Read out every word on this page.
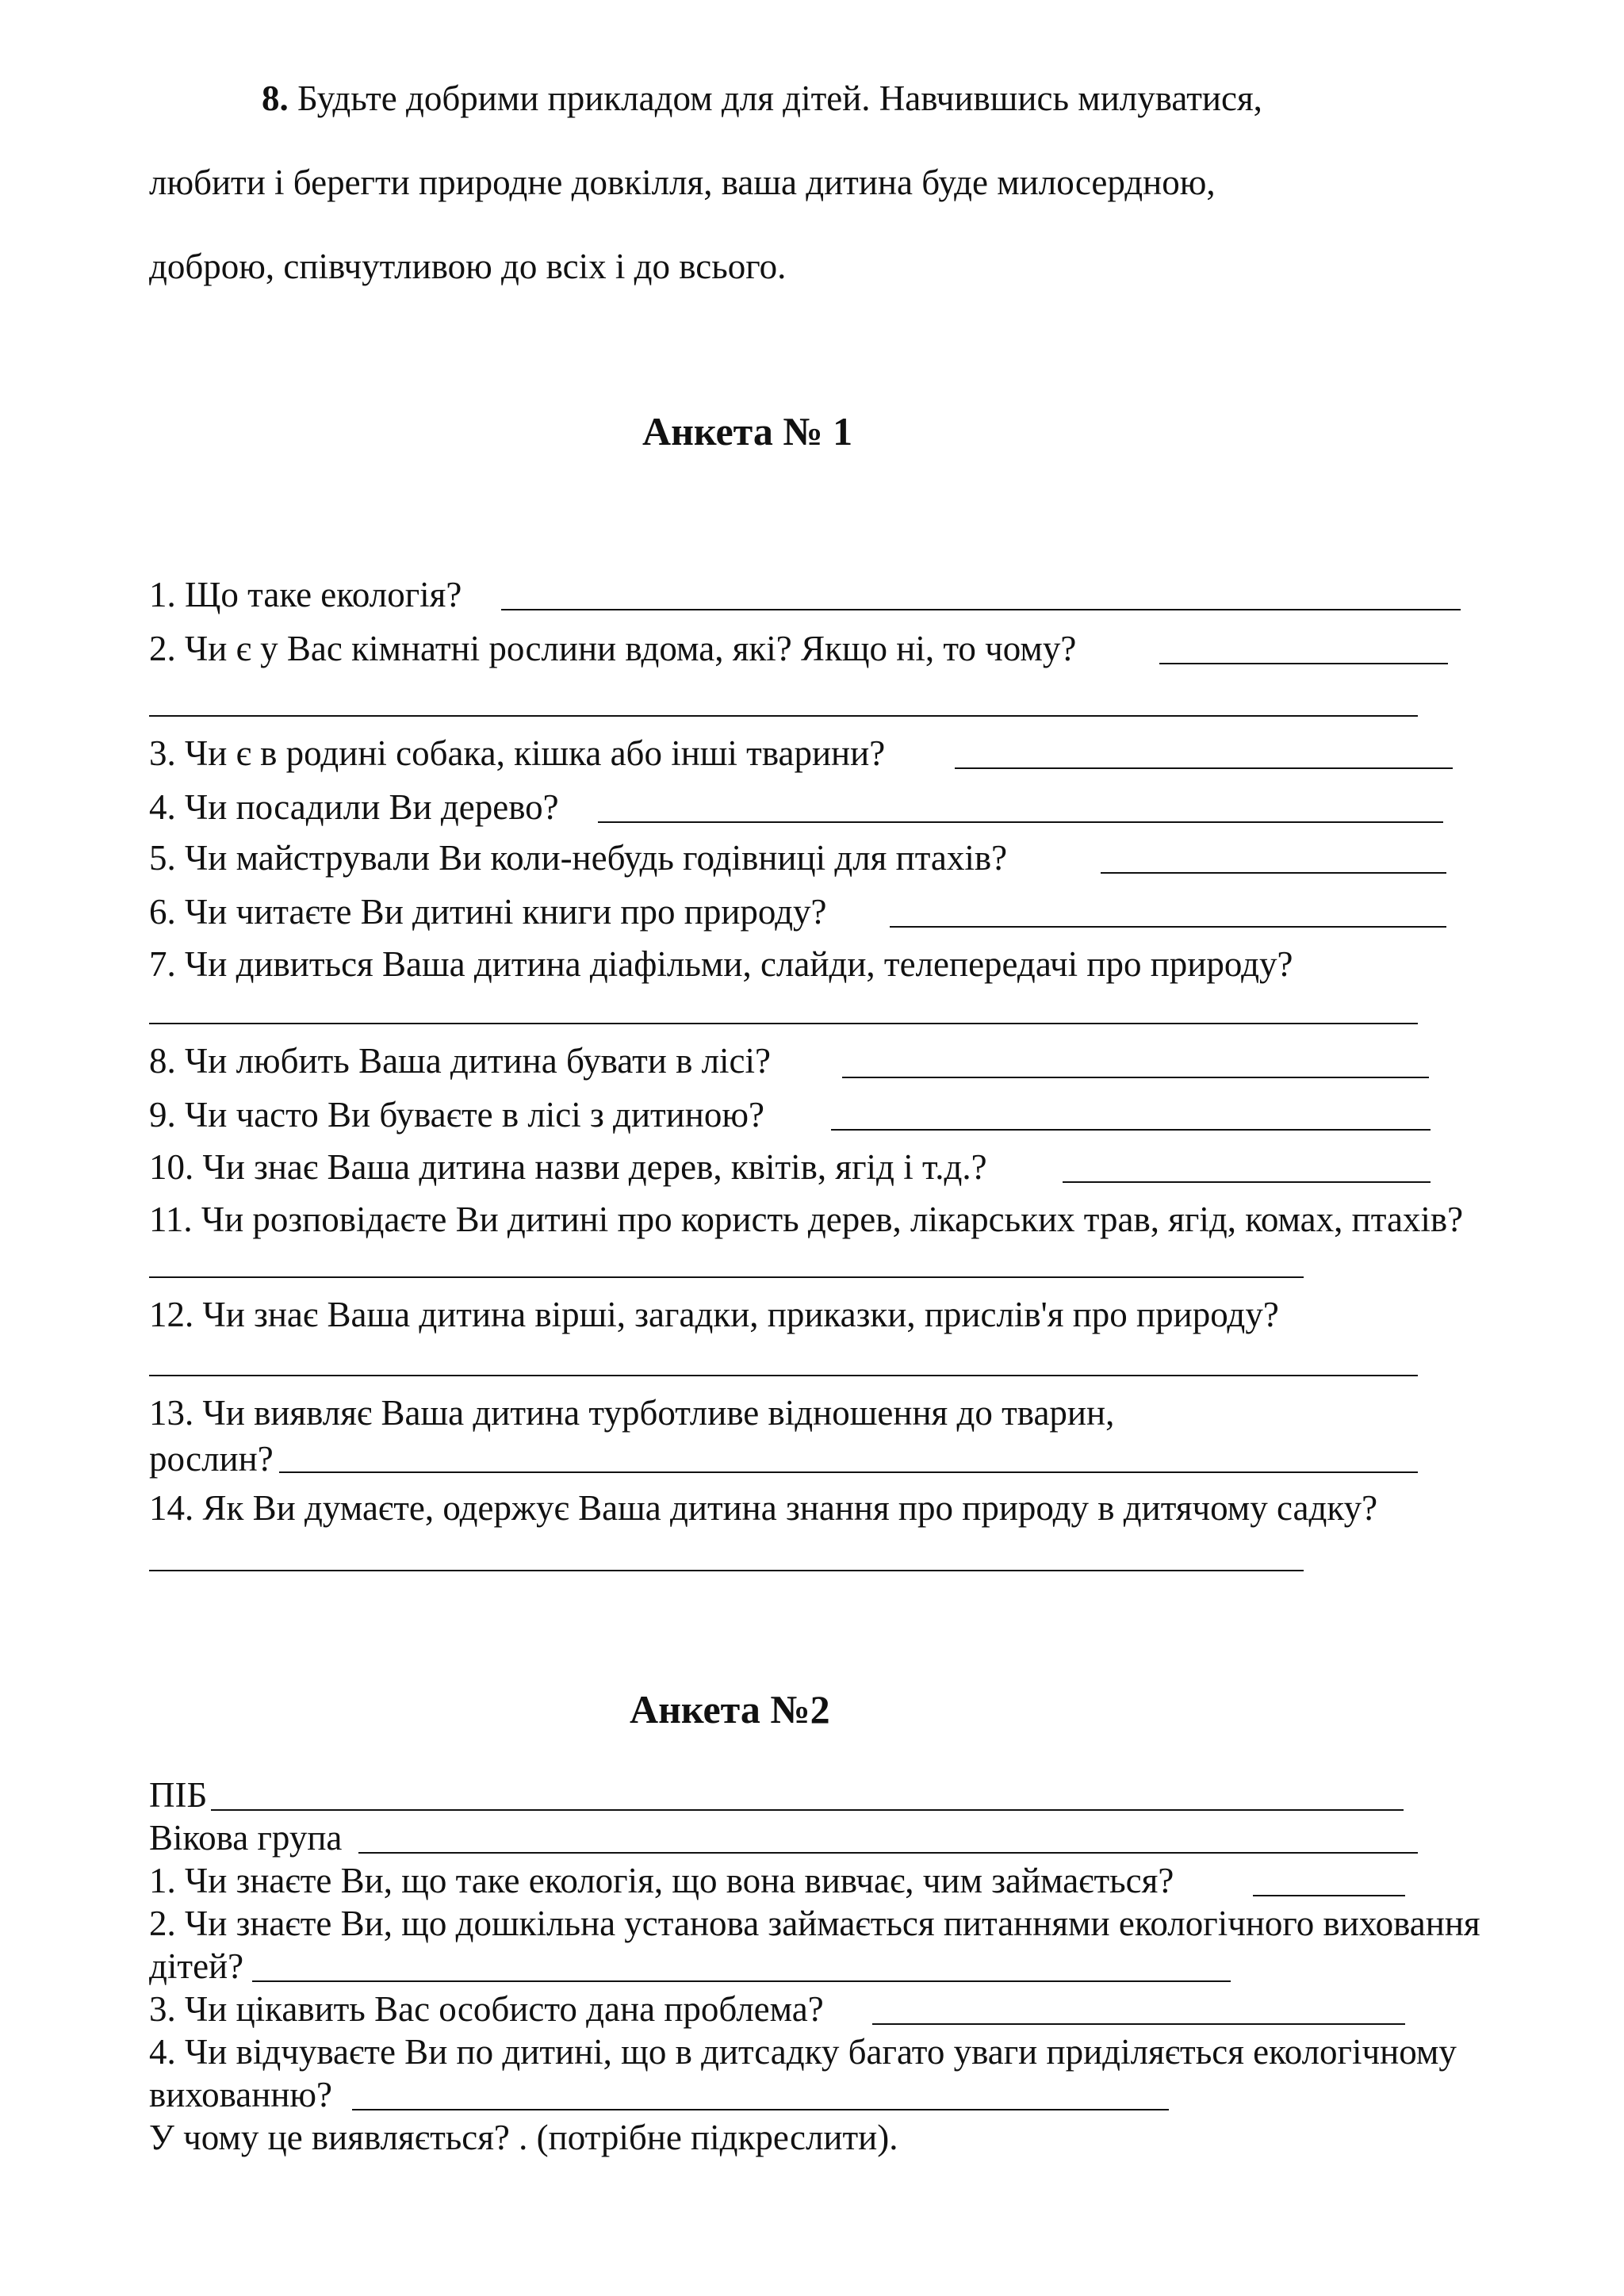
8. Будьте добрими прикладом для дітей. Навчившись милуватися,
любити і берегти природне довкілля, ваша дитина буде милосердною,
доброю, співчутливою до всіх і до всього.
Анкета № 1
1. Що таке екологія?
2. Чи є у Вас кімнатні рослини вдома, які? Якщо ні, то чому?
3. Чи є в родині собака, кішка або інші тварини?
4. Чи посадили Ви дерево?
5. Чи майстрували Ви коли-небудь годівниці для птахів?
6. Чи читаєте Ви дитині книги про природу?
7. Чи дивиться Ваша дитина діафільми, слайди, телепередачі про природу?
8. Чи любить Ваша дитина бувати в лісі?
9. Чи часто Ви буваєте в лісі з дитиною?
10. Чи знає Ваша дитина назви дерев, квітів, ягід і т.д.?
11. Чи розповідаєте Ви дитині про користь дерев, лікарських трав, ягід, комах, птахів?
12. Чи знає Ваша дитина вірші, загадки, приказки, прислів'я про природу?
13. Чи виявляє Ваша дитина турботливе відношення до тварин,
рослин?
14. Як Ви думаєте, одержує Ваша дитина знання про природу в дитячому садку?
Анкета №2
ПІБ
Вікова група
1. Чи знаєте Ви, що таке екологія, що вона вивчає, чим займається?
2. Чи знаєте Ви, що дошкільна установа займається питаннями екологічного виховання
дітей?
3. Чи цікавить Вас особисто дана проблема?
4. Чи відчуваєте Ви по дитині, що в дитсадку багато уваги приділяється екологічному
вихованню?
У чому це виявляється? . (потрібне підкреслити).
